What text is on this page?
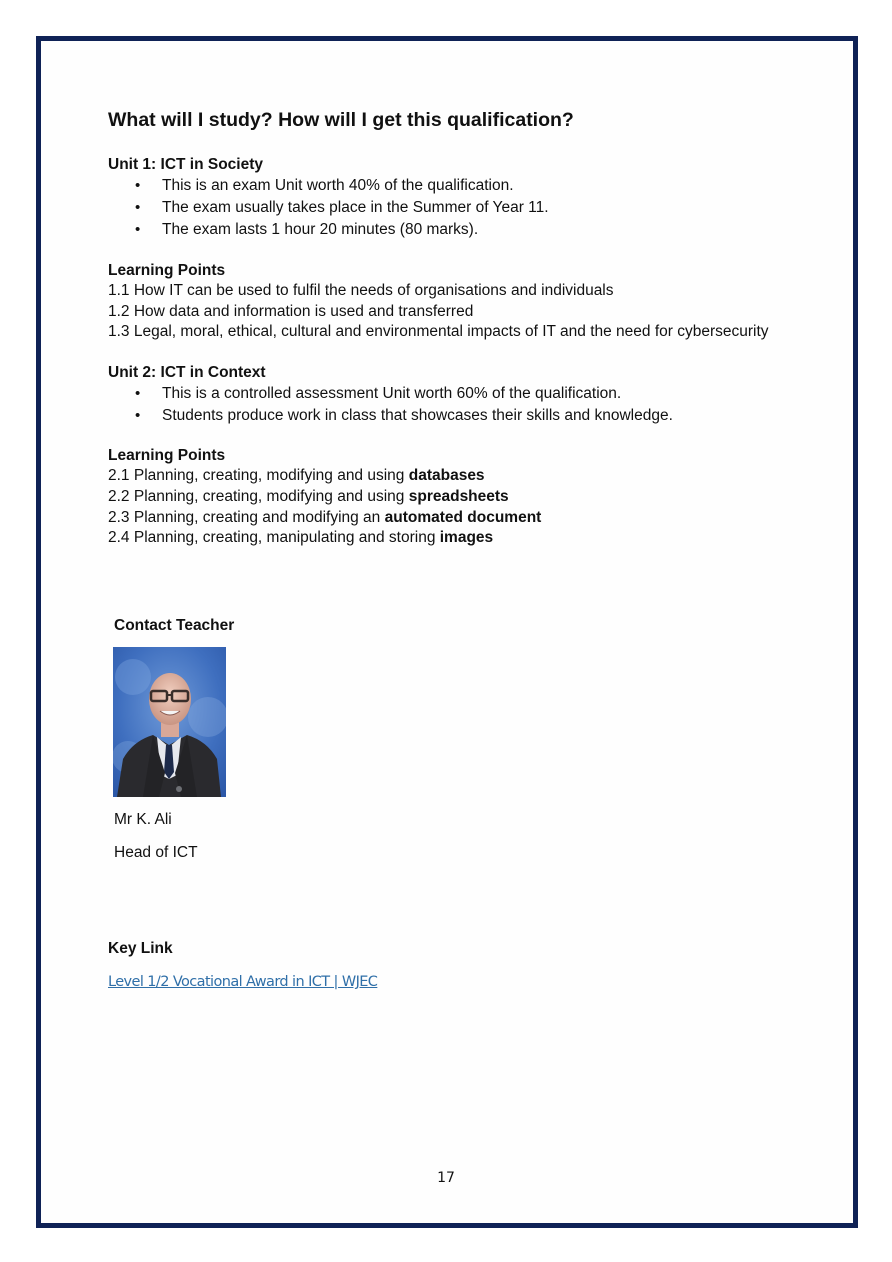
What will I study? How will I get this qualification?

Unit 1: ICT in Society

• This is an exam Unit worth 40% of the qualification.
• The exam usually takes place in the Summer of Year 11.
• The exam lasts 1 hour 20 minutes (80 marks).

Learning Points

1.1 How IT can be used to fulfil the needs of organisations and individuals

1.2 How data and information is used and transferred

1.3 Legal, moral, ethical, cultural and environmental impacts of IT and the need for cybersecurity

Unit 2: ICT in Context

• This is a controlled assessment Unit worth 60% of the qualification.
• Students produce work in class that showcases their skills and knowledge.

Learning Points

2.1 Planning, creating, modifying and using databases

2.2 Planning, creating, modifying and using spreadsheets

2.3 Planning, creating and modifying an automated document

2.4 Planning, creating, manipulating and storing images

Contact Teacher
Mr K. Ali
Head of ICT
Key Link
Level 1/2 Vocational Award in ICT | WJEC
17
